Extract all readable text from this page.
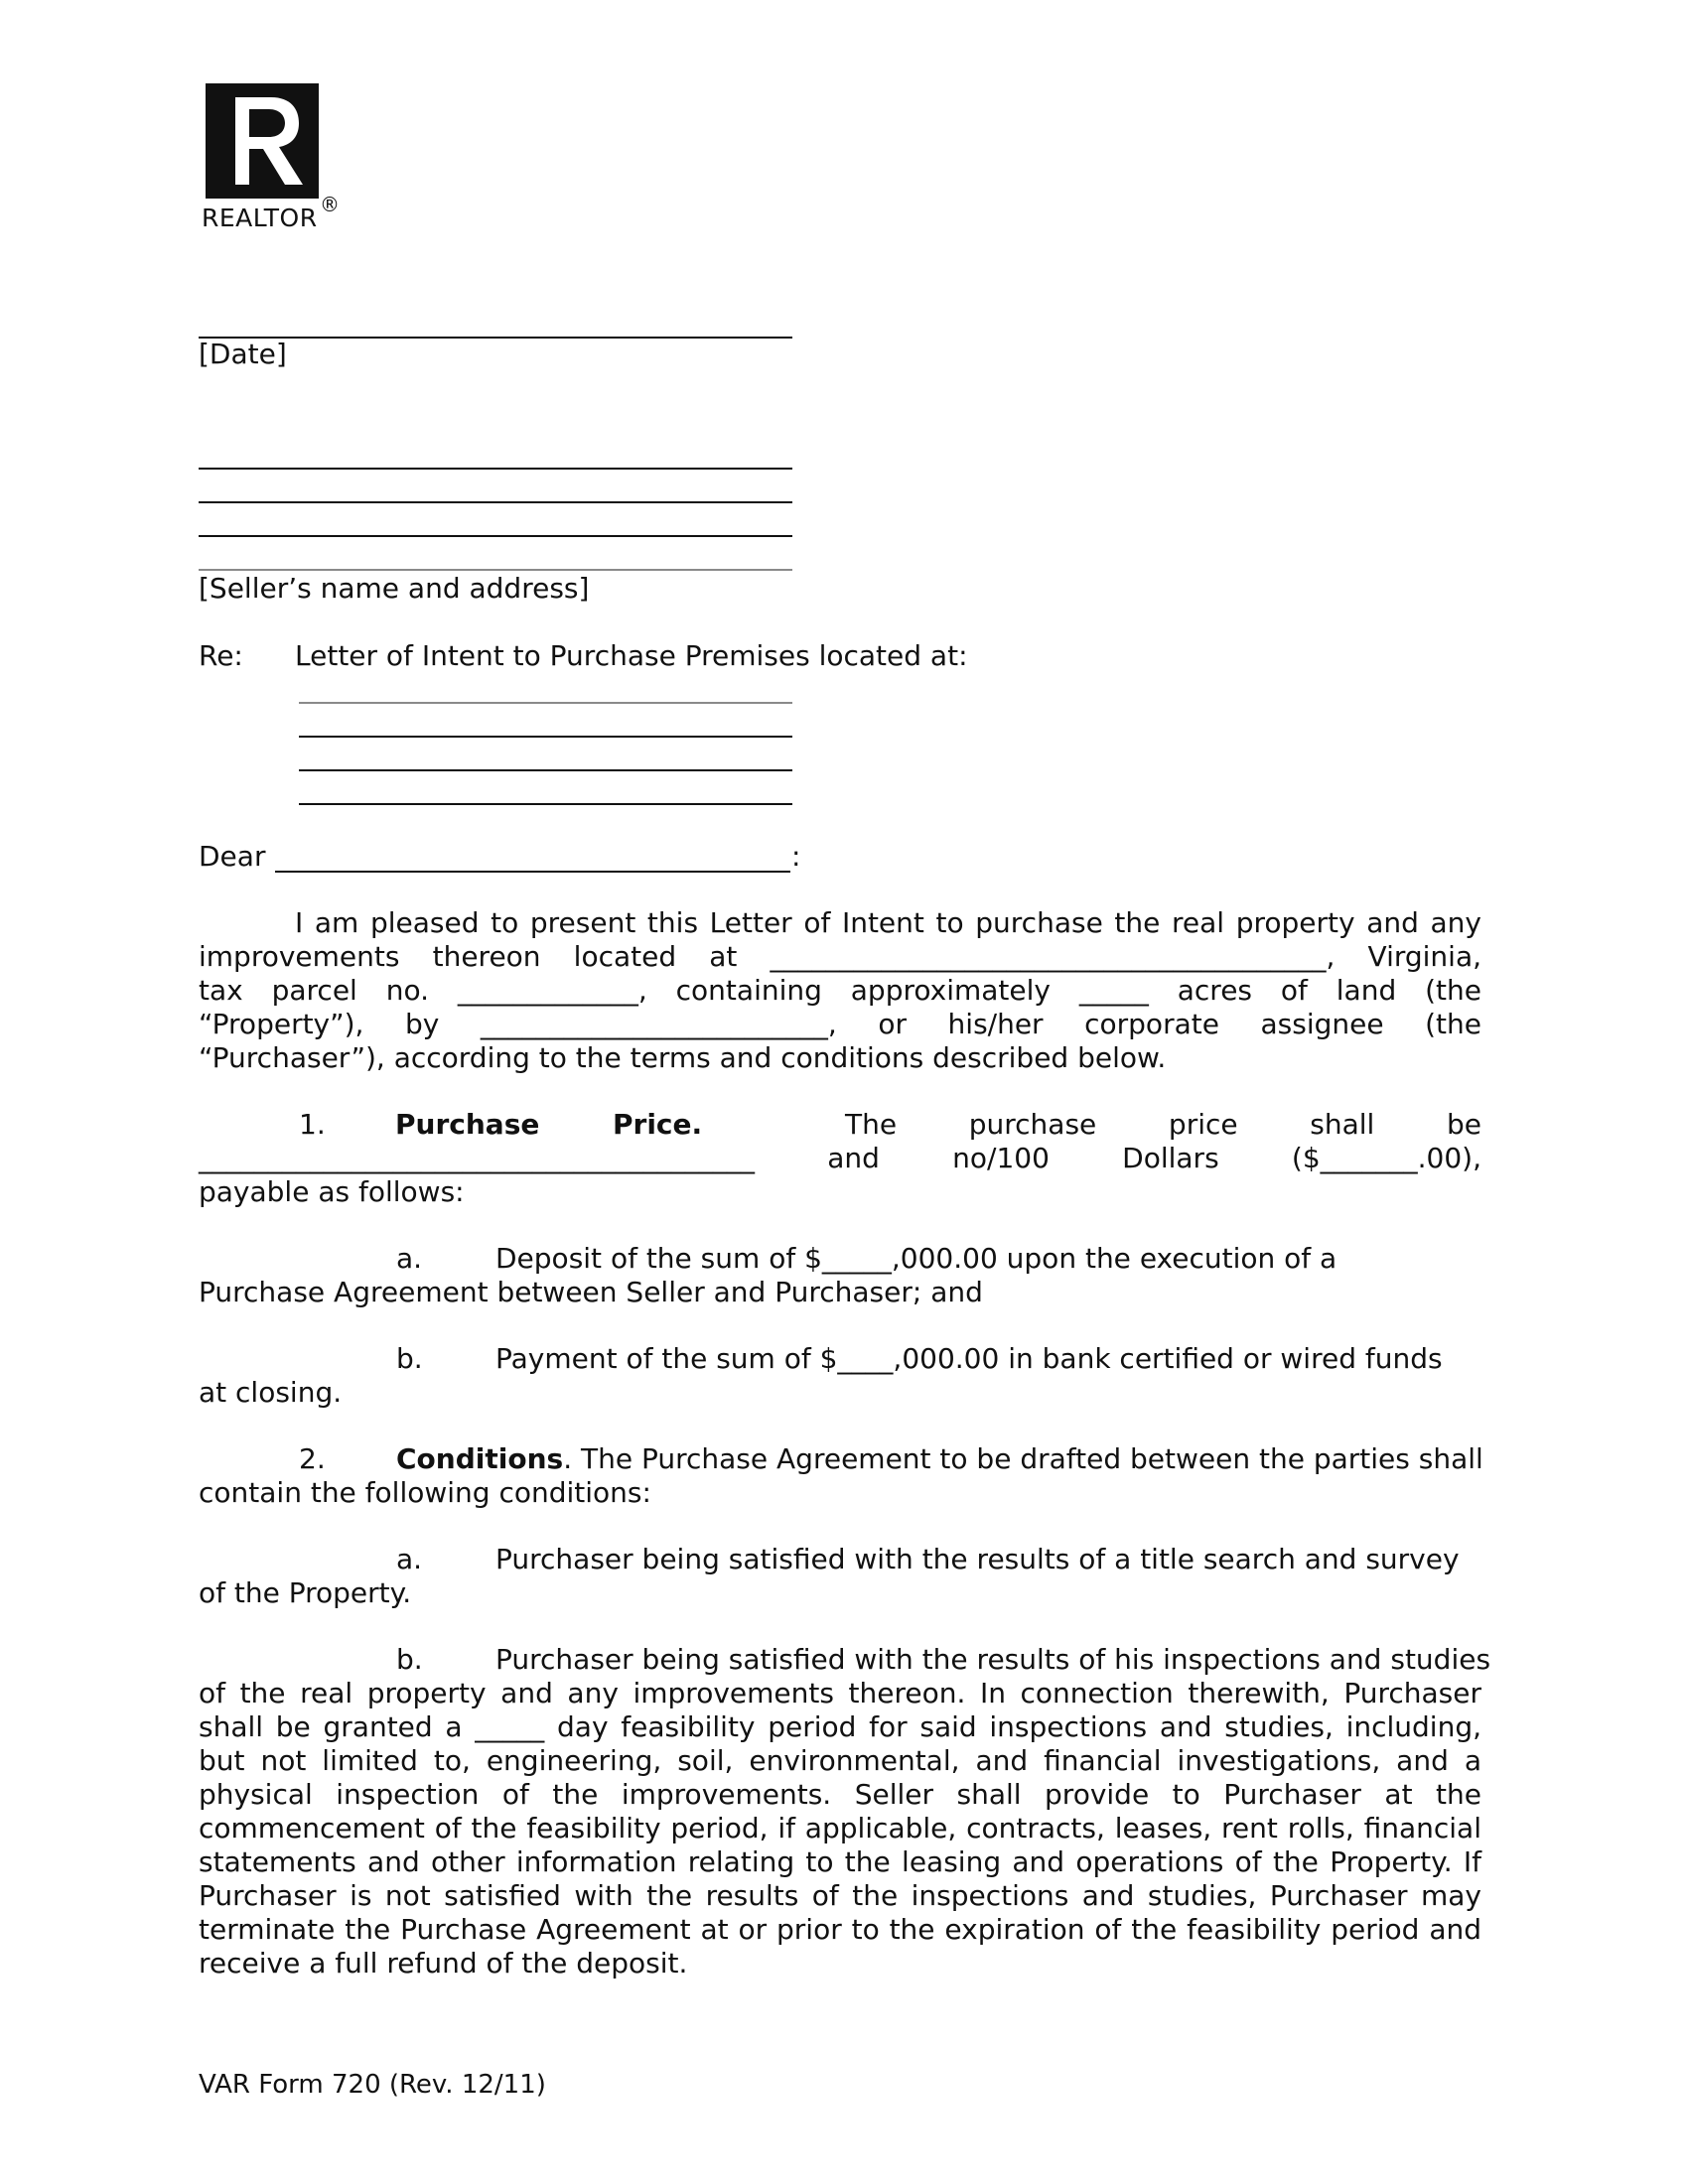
REALTOR ®
[Date]
[Seller’s name and address]
Re: Letter of Intent to Purchase Premises located at:
Dear	:
I am pleased to present this Letter of Intent to purchase the real property and any
improvements thereon located at ________________________________________, Virginia,
tax parcel no. _____________, containing approximately _____ acres of land (the
“Property”), by _________________________, or his/her corporate assignee (the
“Purchaser”), according to the terms and conditions described below.
1.	Purchase	Price.	The purchase price shall be
________________________________________ and no/100 Dollars ($_______.00),
payable as follows:
a.	Deposit of the sum of $_____,000.00 upon the execution of a
Purchase Agreement between Seller and Purchaser; and
b.	Payment of the sum of $____,000.00 in bank certified or wired funds
at closing.
2.	Conditions. The Purchase Agreement to be drafted between the parties shall
contain the following conditions:
a.	Purchaser being satisfied with the results of a title search and survey
of the Property.
b.	Purchaser being satisfied with the results of his inspections and studies
of the real property and any improvements thereon. In connection therewith, Purchaser
shall be granted a _____ day feasibility period for said inspections and studies, including,
but not limited to, engineering, soil, environmental, and financial investigations, and a
physical inspection of the improvements. Seller shall provide to Purchaser at the
commencement of the feasibility period, if applicable, contracts, leases, rent rolls, financial
statements and other information relating to the leasing and operations of the Property. If
Purchaser is not satisfied with the results of the inspections and studies, Purchaser may
terminate the Purchase Agreement at or prior to the expiration of the feasibility period and
receive a full refund of the deposit.
VAR Form 720 (Rev. 12/11)
